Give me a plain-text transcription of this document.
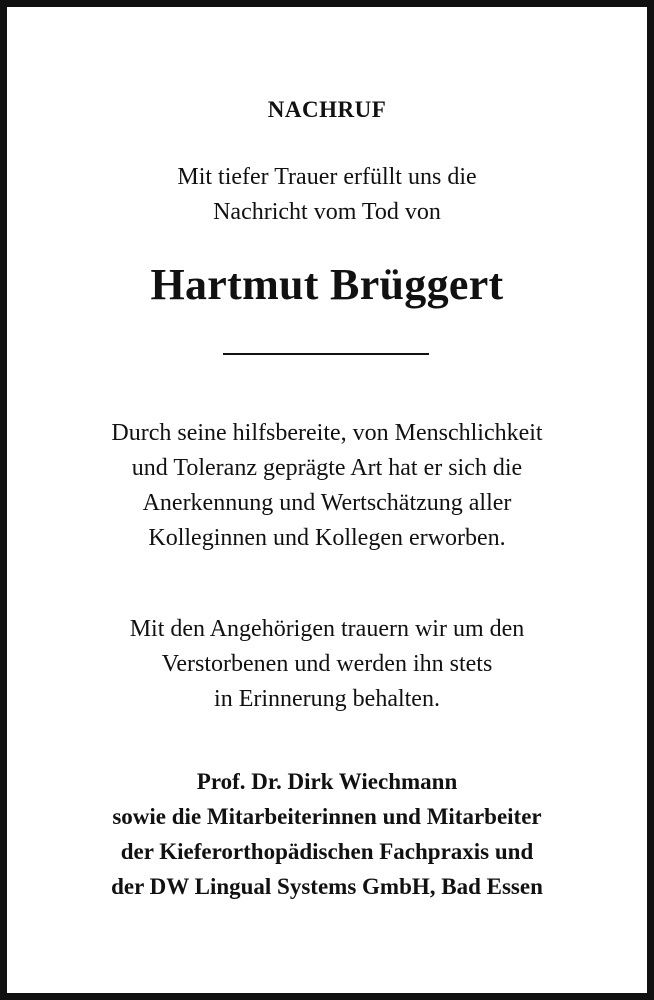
NACHRUF
Mit tiefer Trauer erfüllt uns die
Nachricht vom Tod von
Hartmut Brüggert
Durch seine hilfsbereite, von Menschlichkeit
und Toleranz geprägte Art hat er sich die
Anerkennung und Wertschätzung aller
Kolleginnen und Kollegen erworben.
Mit den Angehörigen trauern wir um den
Verstorbenen und werden ihn stets
in Erinnerung behalten.
Prof. Dr. Dirk Wiechmann
sowie die Mitarbeiterinnen und Mitarbeiter
der Kieferorthopädischen Fachpraxis und
der DW Lingual Systems GmbH, Bad Essen
